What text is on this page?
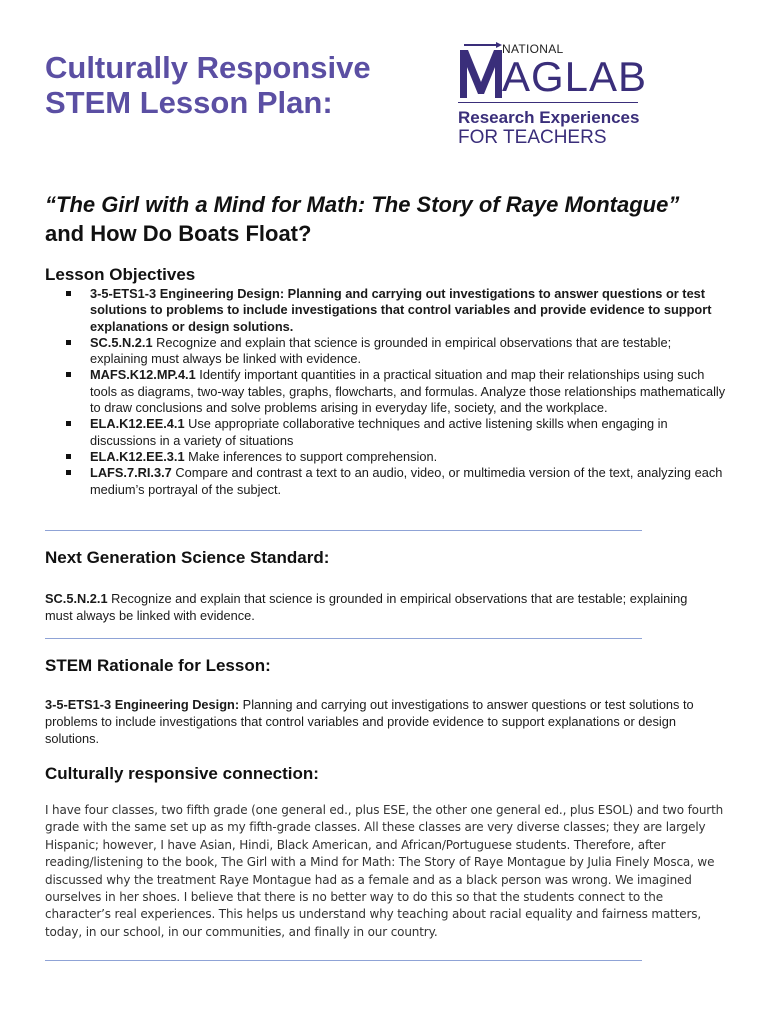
Culturally Responsive
STEM Lesson Plan:
NATIONAL
AGLAB
Research Experiences
FOR TEACHERS
“The Girl with a Mind for Math: The Story of Raye Montague” and How Do Boats Float?
Lesson Objectives
3-5-ETS1-3 Engineering Design: Planning and carrying out investigations to answer questions or test solutions to problems to include investigations that control variables and provide evidence to support explanations or design solutions.
SC.5.N.2.1 Recognize and explain that science is grounded in empirical observations that are testable; explaining must always be linked with evidence.
MAFS.K12.MP.4.1 Identify important quantities in a practical situation and map their relationships using such tools as diagrams, two-way tables, graphs, flowcharts, and formulas. Analyze those relationships mathematically to draw conclusions and solve problems arising in everyday life, society, and the workplace.
ELA.K12.EE.4.1 Use appropriate collaborative techniques and active listening skills when engaging in discussions in a variety of situations
ELA.K12.EE.3.1 Make inferences to support comprehension.
LAFS.7.RI.3.7 Compare and contrast a text to an audio, video, or multimedia version of the text, analyzing each medium’s portrayal of the subject.
Next Generation Science Standard:

SC.5.N.2.1 Recognize and explain that science is grounded in empirical observations that are testable; explaining must always be linked with evidence.

STEM Rationale for Lesson:

3-5-ETS1-3 Engineering Design: Planning and carrying out investigations to answer questions or test solutions to problems to include investigations that control variables and provide evidence to support explanations or design solutions.

Culturally responsive connection:

I have four classes, two fifth grade (one general ed., plus ESE, the other one general ed., plus ESOL) and two fourth grade with the same set up as my fifth-grade classes. All these classes are very diverse classes; they are largely Hispanic; however, I have Asian, Hindi, Black American, and African/Portuguese students. Therefore, after reading/listening to the book, The Girl with a Mind for Math: The Story of Raye Montague by Julia Finely Mosca, we discussed why the treatment Raye Montague had as a female and as a black person was wrong. We imagined ourselves in her shoes. I believe that there is no better way to do this so that the students connect to the character’s real experiences. This helps us understand why teaching about racial equality and fairness matters, today, in our school, in our communities, and finally in our country.
